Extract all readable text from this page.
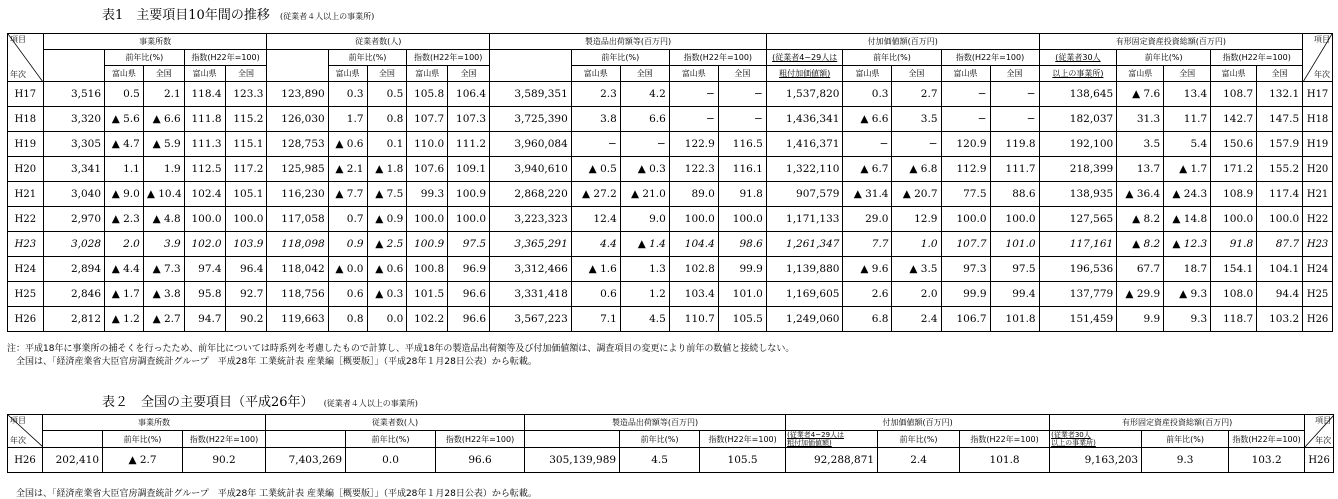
表1　主要項目10年間の推移 (従業者４人以上の事業所)
項目
年次	事業所数					従業者数(人)					製造品出荷額等(百万円)					付加価値額(百万円)					有形固定資産投資総額(百万円)					項目
年次

		前年比(%)		指数(H22年=100)			前年比(%)		指数(H22年=100)			前年比(%)		指数(H22年=100)		(従業者4~29人は	前年比(%)		指数(H22年=100)		(従業者30人	前年比(%)		指数(H22年=100)		
		富山県	全国	富山県	全国		富山県	全国	富山県	全国		富山県	全国	富山県	全国	粗付加価値額)	富山県	全国	富山県	全国	以上の事業所)	富山県	全国	富山県	全国	
H17	3,516	0.5	2.1	118.4	123.3	123,890	0.3	0.5	105.8	106.4	3,589,351	2.3	4.2	−	−	1,537,820	0.3	2.7	−	−	138,645	▲ 7.6	13.4	108.7	132.1	H17
H18	3,320	▲ 5.6	▲ 6.6	111.8	115.2	126,030	1.7	0.8	107.7	107.3	3,725,390	3.8	6.6	−	−	1,436,341	▲ 6.6	3.5	−	−	182,037	31.3	11.7	142.7	147.5	H18
H19	3,305	▲ 4.7	▲ 5.9	111.3	115.1	128,753	▲ 0.6	0.1	110.0	111.2	3,960,084	−	−	122.9	116.5	1,416,371	−	−	120.9	119.8	192,100	3.5	5.4	150.6	157.9	H19
H20	3,341	1.1	1.9	112.5	117.2	125,985	▲ 2.1	▲ 1.8	107.6	109.1	3,940,610	▲ 0.5	▲ 0.3	122.3	116.1	1,322,110	▲ 6.7	▲ 6.8	112.9	111.7	218,399	13.7	▲ 1.7	171.2	155.2	H20
H21	3,040	▲ 9.0	▲ 10.4	102.4	105.1	116,230	▲ 7.7	▲ 7.5	99.3	100.9	2,868,220	▲ 27.2	▲ 21.0	89.0	91.8	907,579	▲ 31.4	▲ 20.7	77.5	88.6	138,935	▲ 36.4	▲ 24.3	108.9	117.4	H21
H22	2,970	▲ 2.3	▲ 4.8	100.0	100.0	117,058	0.7	▲ 0.9	100.0	100.0	3,223,323	12.4	9.0	100.0	100.0	1,171,133	29.0	12.9	100.0	100.0	127,565	▲ 8.2	▲ 14.8	100.0	100.0	H22
H23	3,028	2.0	3.9	102.0	103.9	118,098	0.9	▲ 2.5	100.9	97.5	3,365,291	4.4	▲ 1.4	104.4	98.6	1,261,347	7.7	1.0	107.7	101.0	117,161	▲ 8.2	▲ 12.3	91.8	87.7	H23
H24	2,894	▲ 4.4	▲ 7.3	97.4	96.4	118,042	▲ 0.0	▲ 0.6	100.8	96.9	3,312,466	▲ 1.6	1.3	102.8	99.9	1,139,880	▲ 9.6	▲ 3.5	97.3	97.5	196,536	67.7	18.7	154.1	104.1	H24
H25	2,846	▲ 1.7	▲ 3.8	95.8	92.7	118,756	0.6	▲ 0.3	101.5	96.6	3,331,418	0.6	1.2	103.4	101.0	1,169,605	2.6	2.0	99.9	99.4	137,779	▲ 29.9	▲ 9.3	108.0	94.4	H25
H26	2,812	▲ 1.2	▲ 2.7	94.7	90.2	119,663	0.8	0.0	102.2	96.6	3,567,223	7.1	4.5	110.7	105.5	1,249,060	6.8	2.4	106.7	101.8	151,459	9.9	9.3	118.7	103.2	H26
注：平成18年に事業所の捕そくを行ったため、前年比については時系列を考慮したもので計算し、平成18年の製造品出荷額等及び付加価値額は、調査項目の変更により前年の数値と接続しない。
　全国は、「経済産業省大臣官房調査統計グループ　平成28年 工業統計表 産業編［概要版］」（平成28年１月28日公表）から転載。
表２　全国の主要項目（平成26年） (従業者４人以上の事業所)
項目
年次	事業所数			従業者数(人)			製造品出荷額等(百万円)			付加価値額(百万円)			有形固定資産投資総額(百万円)			項目
年次

		前年比(%)	指数(H22年=100)		前年比(%)	指数(H22年=100)		前年比(%)	指数(H22年=100)	(従業者4~29人は
粗付加価値額)	前年比(%)	指数(H22年=100)	(従業者30人
以上の事業所)	前年比(%)	指数(H22年=100)	
H26	202,410	▲ 2.7	90.2	7,403,269	0.0	96.6	305,139,989	4.5	105.5	92,288,871	2.4	101.8	9,163,203	9.3	103.2	H26
　全国は、「経済産業省大臣官房調査統計グループ　平成28年 工業統計表 産業編［概要版］」（平成28年１月28日公表）から転載。
